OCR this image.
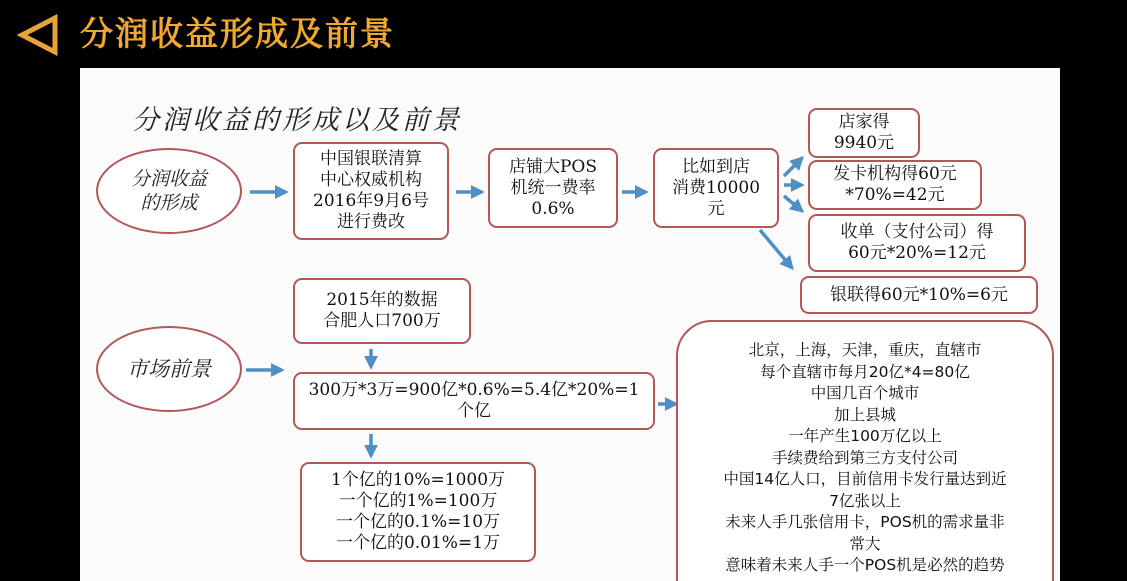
分润收益形成及前景
分润收益的形成以及前景
分润收益
的形成
中国银联清算
中心权威机构
2016年9月6号
进行费改
店铺大POS
机统一费率
0.6%
比如到店
消费10000
元
店家得
9940元
发卡机构得60元
*70%=42元
收单（支付公司）得
60元*20%=12元
银联得60元*10%=6元
市场前景
2015年的数据
合肥人口700万
300万*3万=900亿*0.6%=5.4亿*20%=1
个亿
1个亿的10%=1000万
一个亿的1%=100万
一个亿的0.1%=10万
一个亿的0.01%=1万
北京，上海，天津，重庆，直辖市
每个直辖市每月20亿*4=80亿
中国几百个城市
加上县城
一年产生100万亿以上
手续费给到第三方支付公司
中国14亿人口，目前信用卡发行量达到近
7亿张以上
未来人手几张信用卡，POS机的需求量非
常大
意味着未来人手一个POS机是必然的趋势
